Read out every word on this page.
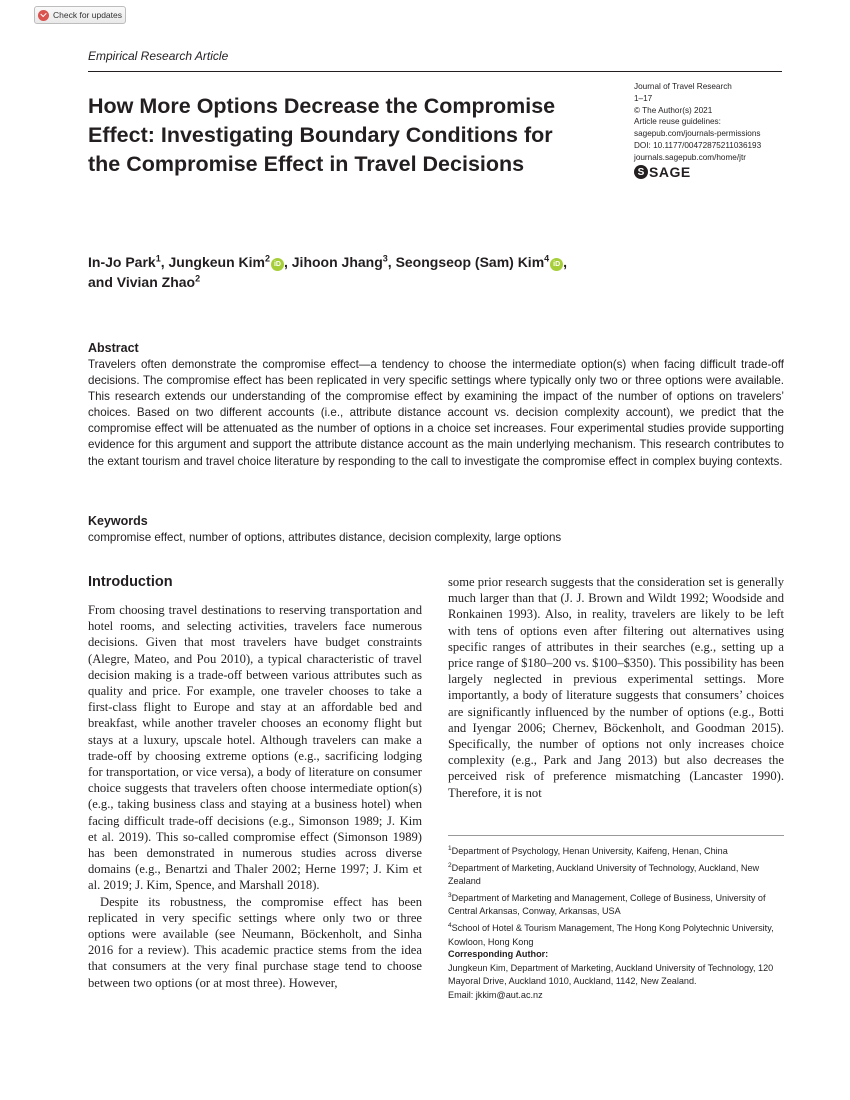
Check for updates
Empirical Research Article
How More Options Decrease the Compromise Effect: Investigating Boundary Conditions for the Compromise Effect in Travel Decisions
Journal of Travel Research
1–17
© The Author(s) 2021
Article reuse guidelines:
sagepub.com/journals-permissions
DOI: 10.1177/00472875211036193
journals.sagepub.com/home/jtr
S SAGE
In-Jo Park$^1$, Jungkeun Kim$^2$iD , Jihoon Jhang$^3$, Seongseop (Sam) Kim$^4$iD ,
and Vivian Zhao$^2$
Abstract
Travelers often demonstrate the compromise effect—a tendency to choose the intermediate option(s) when facing difficult trade-off decisions. The compromise effect has been replicated in very specific settings where typically only two or three options were available. This research extends our understanding of the compromise effect by examining the impact of the number of options on travelers’ choices. Based on two different accounts (i.e., attribute distance account vs. decision complexity account), we predict that the compromise effect will be attenuated as the number of options in a choice set increases. Four experimental studies provide supporting evidence for this argument and support the attribute distance account as the main underlying mechanism. This research contributes to the extant tourism and travel choice literature by responding to the call to investigate the compromise effect in complex buying contexts.
Keywords
compromise effect, number of options, attributes distance, decision complexity, large options
Introduction

From choosing travel destinations to reserving transportation and hotel rooms, and selecting activities, travelers face numerous decisions. Given that most travelers have budget constraints (Alegre, Mateo, and Pou 2010), a typical characteristic of travel decision making is a trade-off between various attributes such as quality and price. For example, one traveler chooses to take a first-class flight to Europe and stay at an affordable bed and breakfast, while another traveler chooses an economy flight but stays at a luxury, upscale hotel. Although travelers can make a trade-off by choosing extreme options (e.g., sacrificing lodging for transportation, or vice versa), a body of literature on consumer choice suggests that travelers often choose intermediate option(s) (e.g., taking business class and staying at a business hotel) when facing difficult trade-off decisions (e.g., Simonson 1989; J. Kim et al. 2019). This so-called compromise effect (Simonson 1989) has been demonstrated in numerous studies across diverse domains (e.g., Benartzi and Thaler 2002; Herne 1997; J. Kim et al. 2019; J. Kim, Spence, and Marshall 2018).

Despite its robustness, the compromise effect has been replicated in very specific settings where only two or three options were available (see Neumann, Böckenholt, and Sinha 2016 for a review). This academic practice stems from the idea that consumers at the very final purchase stage tend to choose between two options (or at most three). However,

some prior research suggests that the consideration set is generally much larger than that (J. J. Brown and Wildt 1992; Woodside and Ronkainen 1993). Also, in reality, travelers are likely to be left with tens of options even after filtering out alternatives using specific ranges of attributes in their searches (e.g., setting up a price range of $180–200 vs. $100–$350). This possibility has been largely neglected in previous experimental settings. More importantly, a body of literature suggests that consumers’ choices are significantly influenced by the number of options (e.g., Botti and Iyengar 2006; Chernev, Böckenholt, and Goodman 2015). Specifically, the number of options not only increases choice complexity (e.g., Park and Jang 2013) but also decreases the perceived risk of preference mismatching (Lancaster 1990). Therefore, it is not

$^1$Department of Psychology, Henan University, Kaifeng, Henan, China
$^2$Department of Marketing, Auckland University of Technology, Auckland, New Zealand
$^3$Department of Marketing and Management, College of Business, University of Central Arkansas, Conway, Arkansas, USA
$^4$School of Hotel & Tourism Management, The Hong Kong Polytechnic University, Kowloon, Hong Kong
Corresponding Author:
Jungkeun Kim, Department of Marketing, Auckland University of Technology, 120 Mayoral Drive, Auckland 1010, Auckland, 1142, New Zealand.
Email: jkkim@aut.ac.nz
